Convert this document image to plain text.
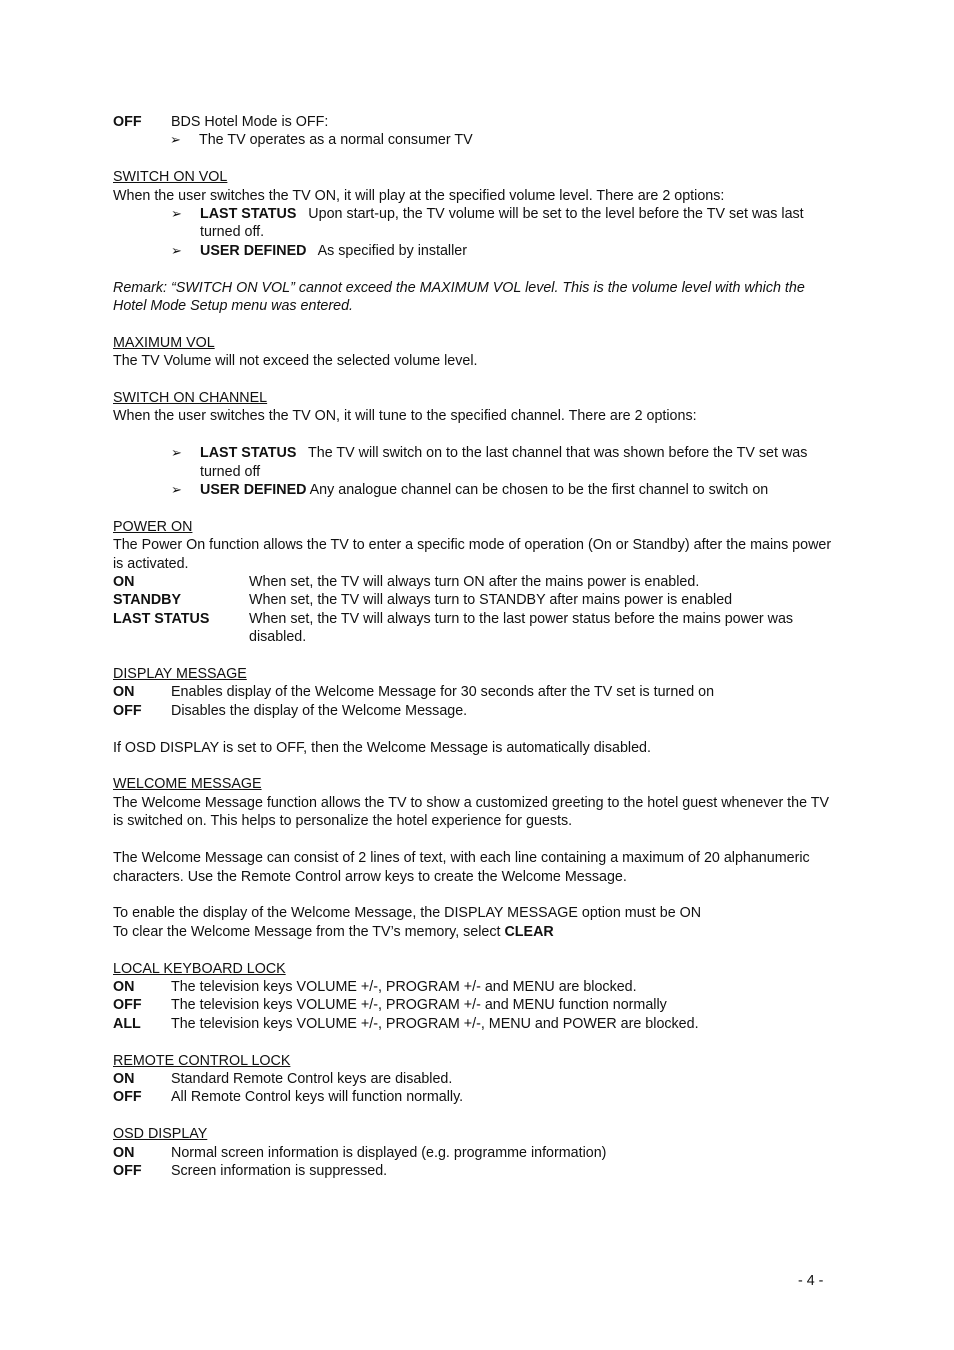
OFF	BDS Hotel Mode is OFF:
➢	The TV operates as a normal consumer TV
SWITCH ON VOL
When the user switches the TV ON, it will play at the specified volume level. There are 2 options:
➢	LAST STATUS Upon start-up, the TV volume will be set to the level before the TV set was last turned off.
➢	USER DEFINED As specified by installer
Remark: “SWITCH ON VOL” cannot exceed the MAXIMUM VOL level. This is the volume level with which the Hotel Mode Setup menu was entered.
MAXIMUM VOL
The TV Volume will not exceed the selected volume level.
SWITCH ON CHANNEL
When the user switches the TV ON, it will tune to the specified channel. There are 2 options:
➢	LAST STATUS The TV will switch on to the last channel that was shown before the TV set was turned off
➢	USER DEFINED Any analogue channel can be chosen to be the first channel to switch on
POWER ON
The Power On function allows the TV to enter a specific mode of operation (On or Standby) after the mains power is activated.
ON	When set, the TV will always turn ON after the mains power is enabled.
STANDBY	When set, the TV will always turn to STANDBY after mains power is enabled
LAST STATUS	When set, the TV will always turn to the last power status before the mains power was disabled.
DISPLAY MESSAGE
ON	Enables display of the Welcome Message for 30 seconds after the TV set is turned on
OFF	Disables the display of the Welcome Message.
If OSD DISPLAY is set to OFF, then the Welcome Message is automatically disabled.
WELCOME MESSAGE
The Welcome Message function allows the TV to show a customized greeting to the hotel guest whenever the TV is switched on. This helps to personalize the hotel experience for guests.
The Welcome Message can consist of 2 lines of text, with each line containing a maximum of 20 alphanumeric characters. Use the Remote Control arrow keys to create the Welcome Message.
To enable the display of the Welcome Message, the DISPLAY MESSAGE option must be ON
To clear the Welcome Message from the TV’s memory, select CLEAR
LOCAL KEYBOARD LOCK
ON	The television keys VOLUME +/-, PROGRAM +/- and MENU are blocked.
OFF	The television keys VOLUME +/-, PROGRAM +/- and MENU function normally
ALL	The television keys VOLUME +/-, PROGRAM +/-, MENU and POWER are blocked.
REMOTE CONTROL LOCK
ON	Standard Remote Control keys are disabled.
OFF	All Remote Control keys will function normally.
OSD DISPLAY
ON	Normal screen information is displayed (e.g. programme information)
OFF	Screen information is suppressed.
- 4 -
